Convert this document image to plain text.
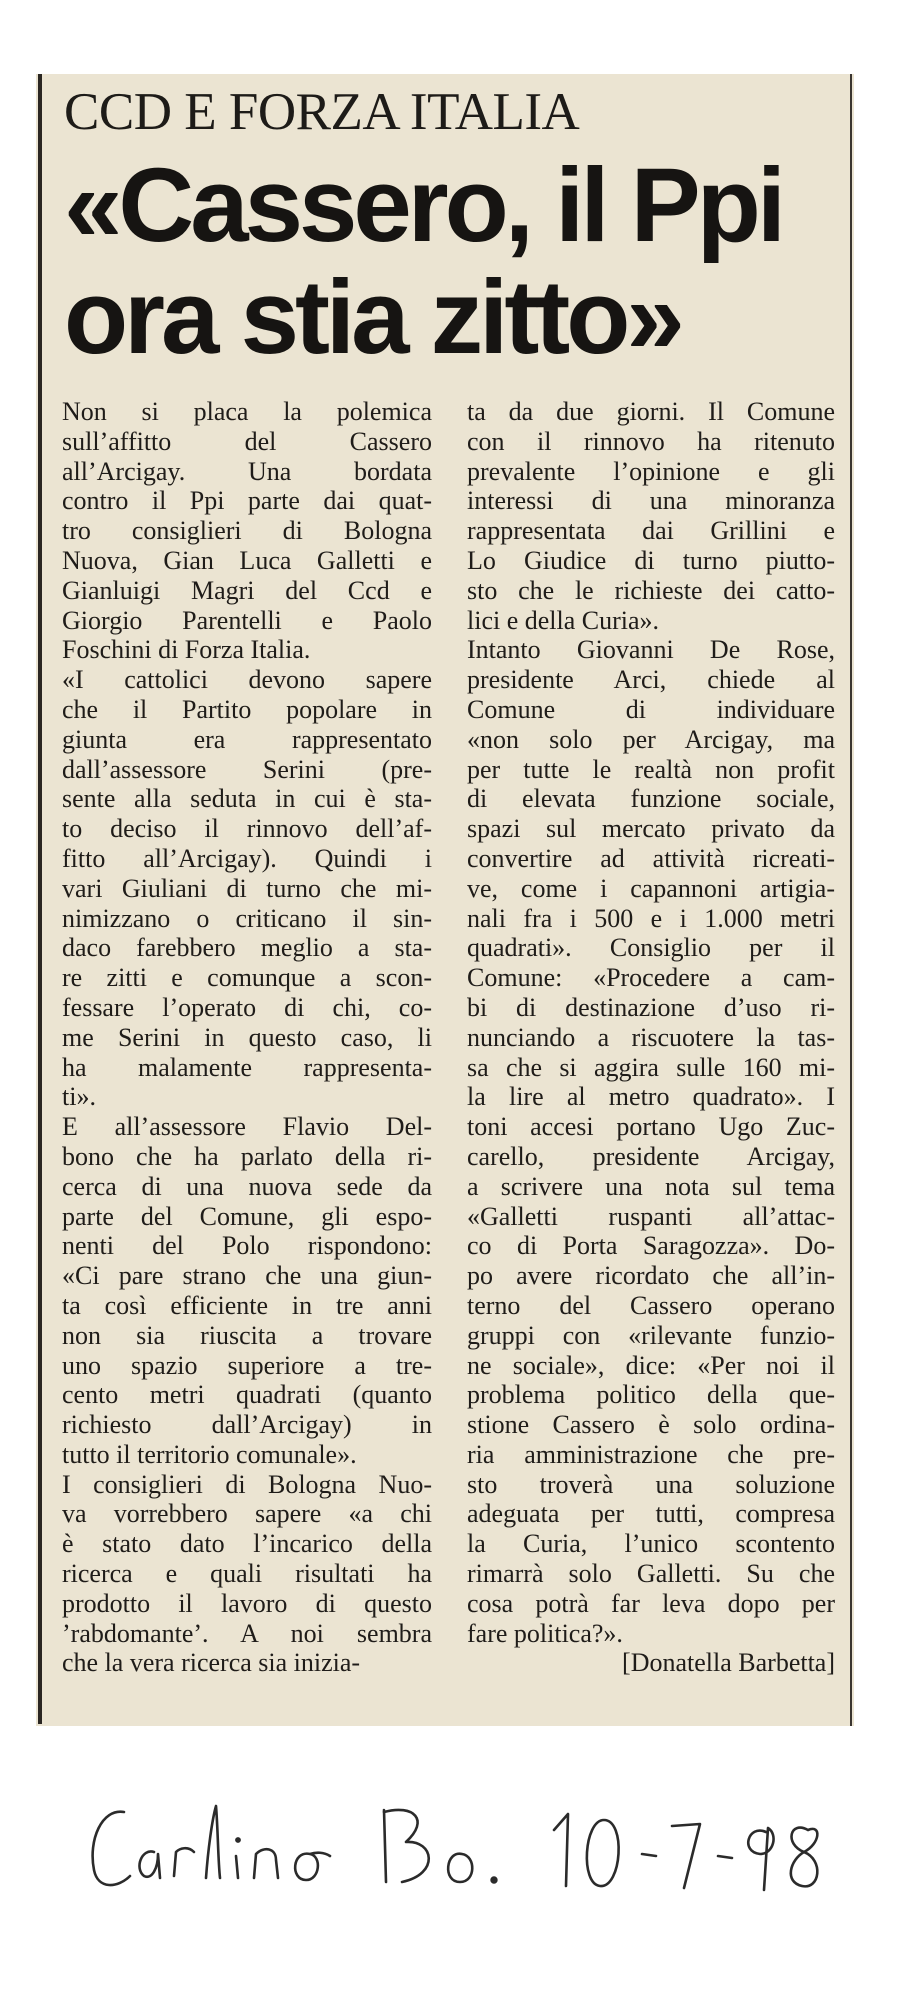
CCD E FORZA ITALIA
«Cassero, il Ppi
ora stia zitto»
Non si placa la polemica
sull’affitto del Cassero
all’Arcigay. Una bordata
contro il Ppi parte dai quat-
tro consiglieri di Bologna
Nuova, Gian Luca Galletti e
Gianluigi Magri del Ccd e
Giorgio Parentelli e Paolo
Foschini di Forza Italia.
«I cattolici devono sapere
che il Partito popolare in
giunta era rappresentato
dall’assessore Serini (pre-
sente alla seduta in cui è sta-
to deciso il rinnovo dell’af-
fitto all’Arcigay). Quindi i
vari Giuliani di turno che mi-
nimizzano o criticano il sin-
daco farebbero meglio a sta-
re zitti e comunque a scon-
fessare l’operato di chi, co-
me Serini in questo caso, li
ha malamente rappresenta-
ti».
E all’assessore Flavio Del-
bono che ha parlato della ri-
cerca di una nuova sede da
parte del Comune, gli espo-
nenti del Polo rispondono:
«Ci pare strano che una giun-
ta così efficiente in tre anni
non sia riuscita a trovare
uno spazio superiore a tre-
cento metri quadrati (quanto
richiesto dall’Arcigay) in
tutto il territorio comunale».
I consiglieri di Bologna Nuo-
va vorrebbero sapere «a chi
è stato dato l’incarico della
ricerca e quali risultati ha
prodotto il lavoro di questo
’rabdomante’. A noi sembra
che la vera ricerca sia inizia-
ta da due giorni. Il Comune
con il rinnovo ha ritenuto
prevalente l’opinione e gli
interessi di una minoranza
rappresentata dai Grillini e
Lo Giudice di turno piutto-
sto che le richieste dei catto-
lici e della Curia».
Intanto Giovanni De Rose,
presidente Arci, chiede al
Comune di individuare
«non solo per Arcigay, ma
per tutte le realtà non profit
di elevata funzione sociale,
spazi sul mercato privato da
convertire ad attività ricreati-
ve, come i capannoni artigia-
nali fra i 500 e i 1.000 metri
quadrati». Consiglio per il
Comune: «Procedere a cam-
bi di destinazione d’uso ri-
nunciando a riscuotere la tas-
sa che si aggira sulle 160 mi-
la lire al metro quadrato». I
toni accesi portano Ugo Zuc-
carello, presidente Arcigay,
a scrivere una nota sul tema
«Galletti ruspanti all’attac-
co di Porta Saragozza». Do-
po avere ricordato che all’in-
terno del Cassero operano
gruppi con «rilevante funzio-
ne sociale», dice: «Per noi il
problema politico della que-
stione Cassero è solo ordina-
ria amministrazione che pre-
sto troverà una soluzione
adeguata per tutti, compresa
la Curia, l’unico scontento
rimarrà solo Galletti. Su che
cosa potrà far leva dopo per
fare politica?».
[Donatella Barbetta]
